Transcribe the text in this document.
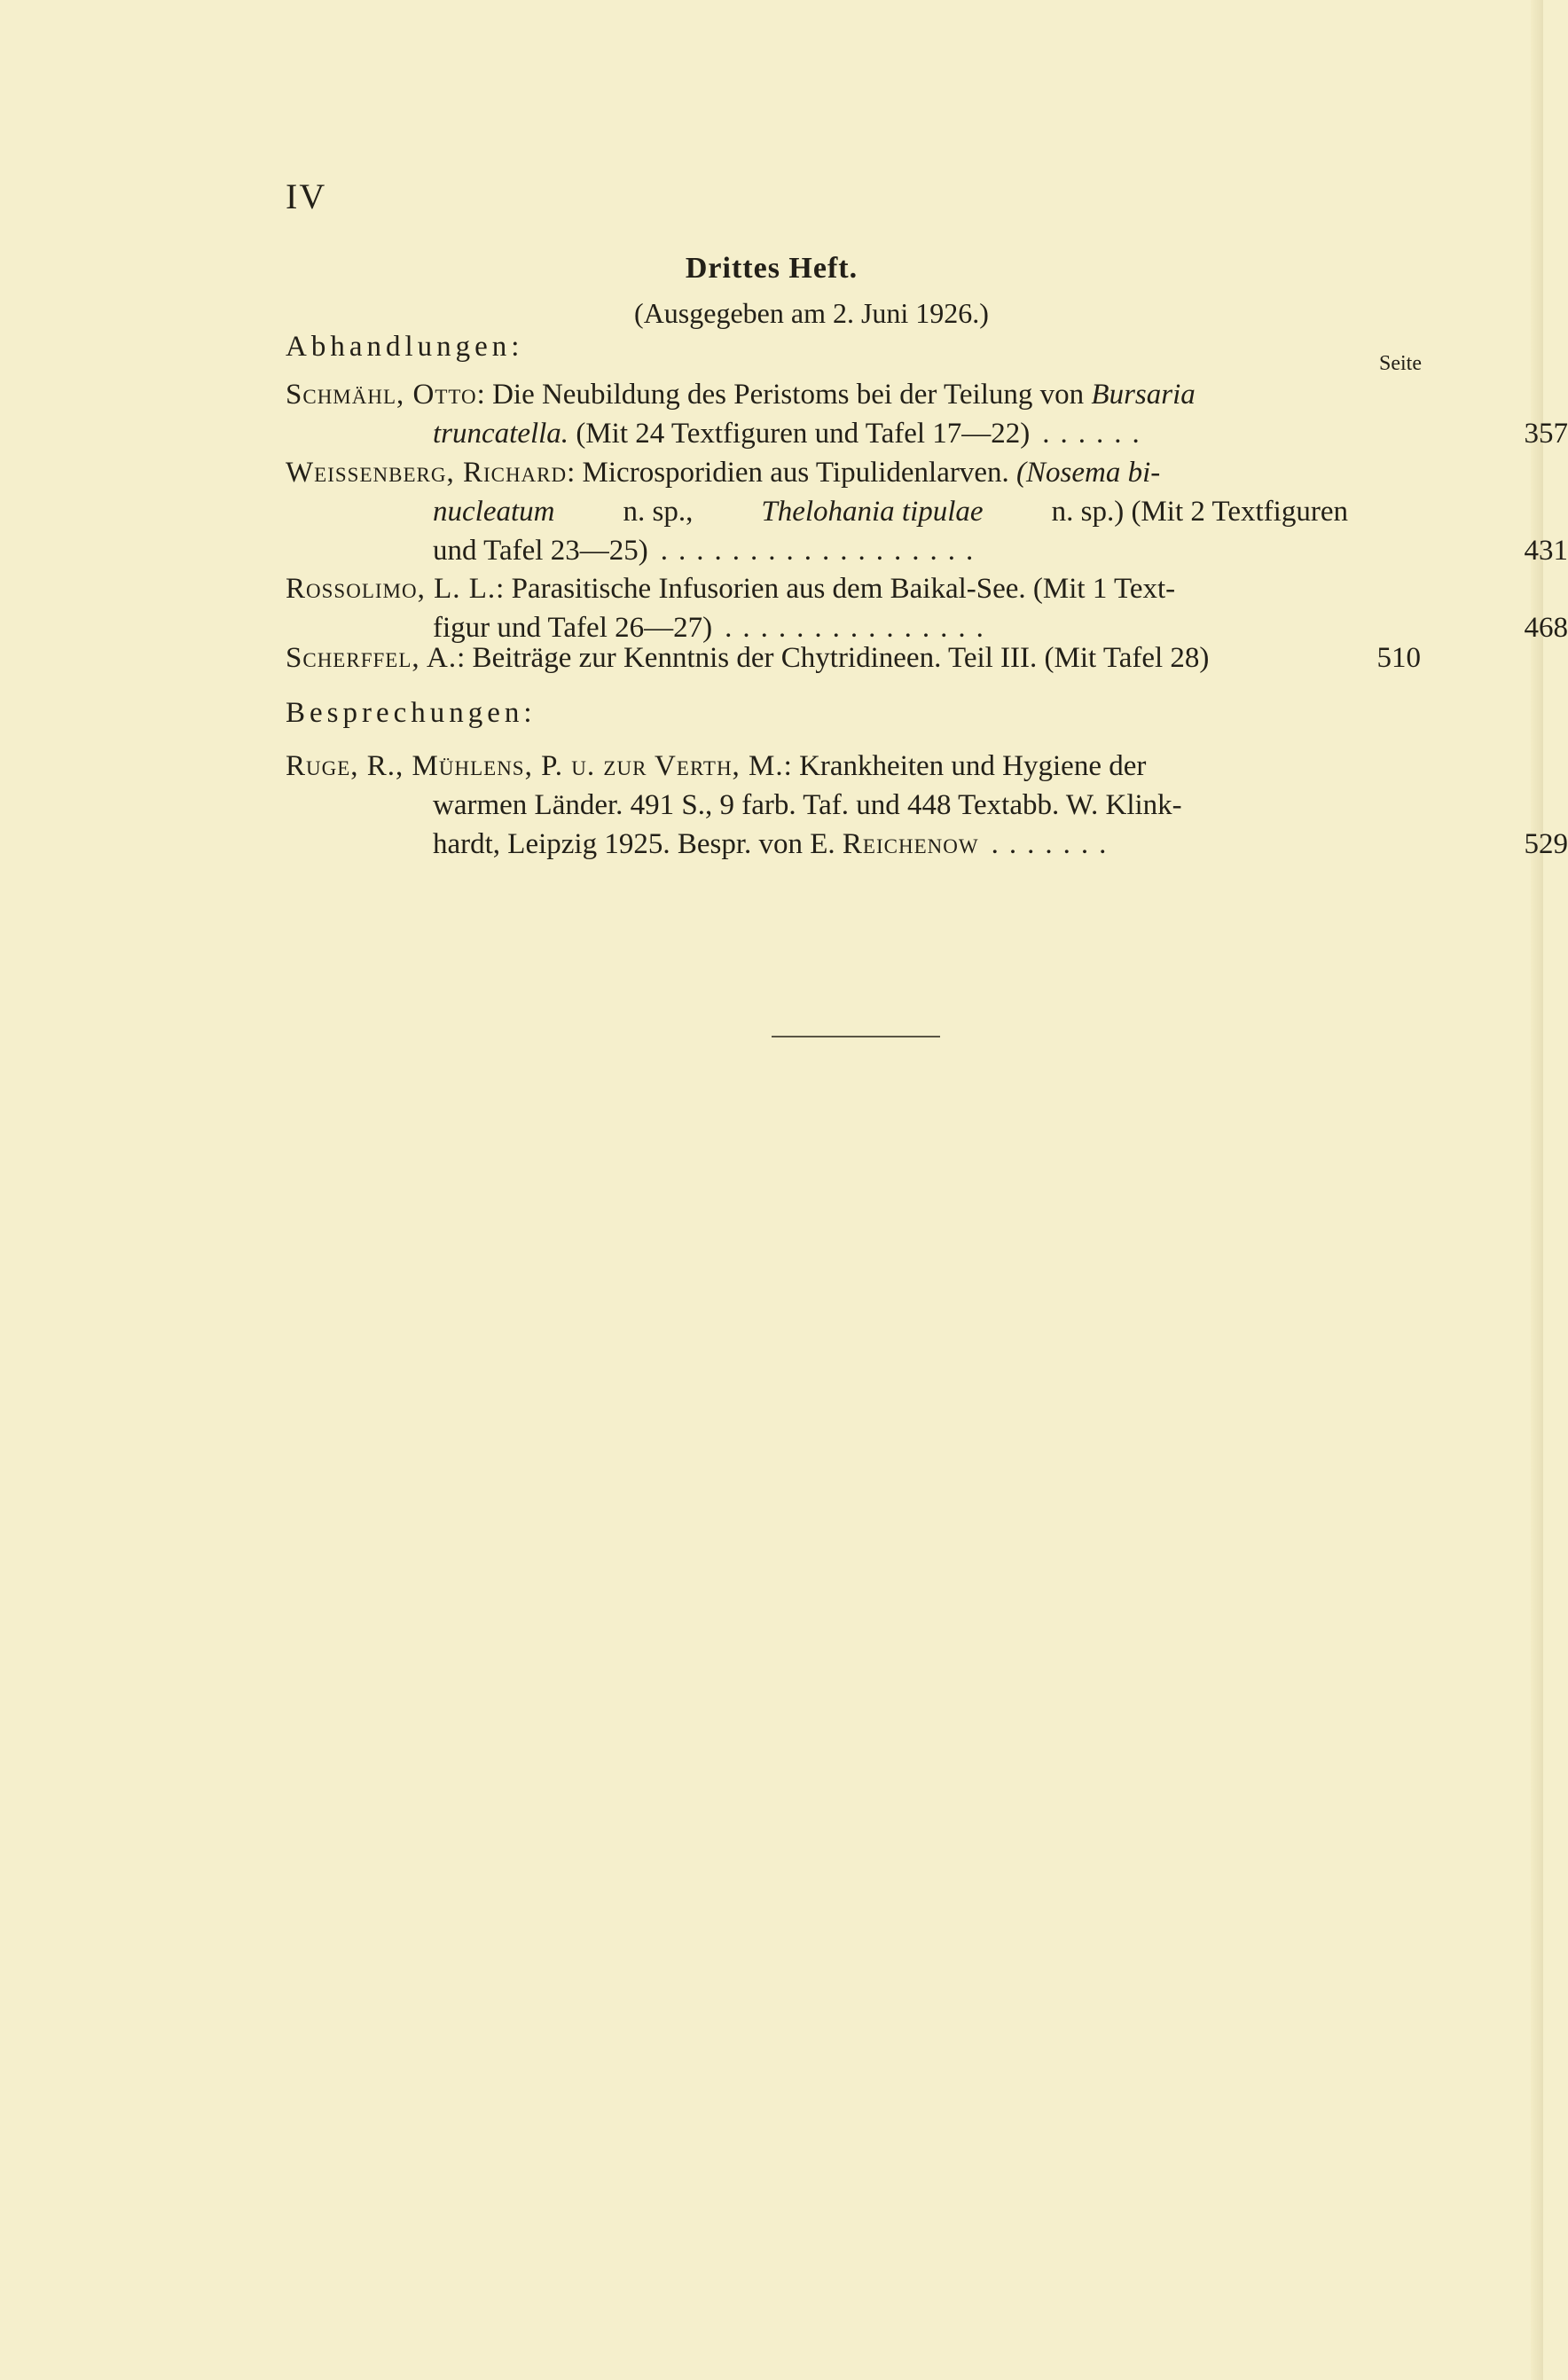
IV
Drittes Heft.
(Ausgegeben am 2. Juni 1926.)
Abhandlungen:
Seite
Schmähl, Otto: Die Neubildung des Peristoms bei der Teilung von Bursaria
truncatella. (Mit 24 Textfiguren und Tafel 17—22) ......	357
Weissenberg, Richard: Microsporidien aus Tipulidenlarven. (Nosema bi-
nucleatum n. sp., Thelohania tipulae n. sp.) (Mit 2 Textfiguren
und Tafel 23—25) ..................	431
Rossolimo, L. L.: Parasitische Infusorien aus dem Baikal-See. (Mit 1 Text-
figur und Tafel 26—27) ...............	468
Scherffel, A.: Beiträge zur Kenntnis der Chytridineen. Teil III. (Mit Tafel 28)	510
Besprechungen:
Ruge, R., Mühlens, P. u. zur Verth, M. : Krankheiten und Hygiene der
warmen Länder. 491 S., 9 farb. Taf. und 448 Textabb. W. Klink-
hardt, Leipzig 1925. Bespr. von E. Reichenow .......	529
